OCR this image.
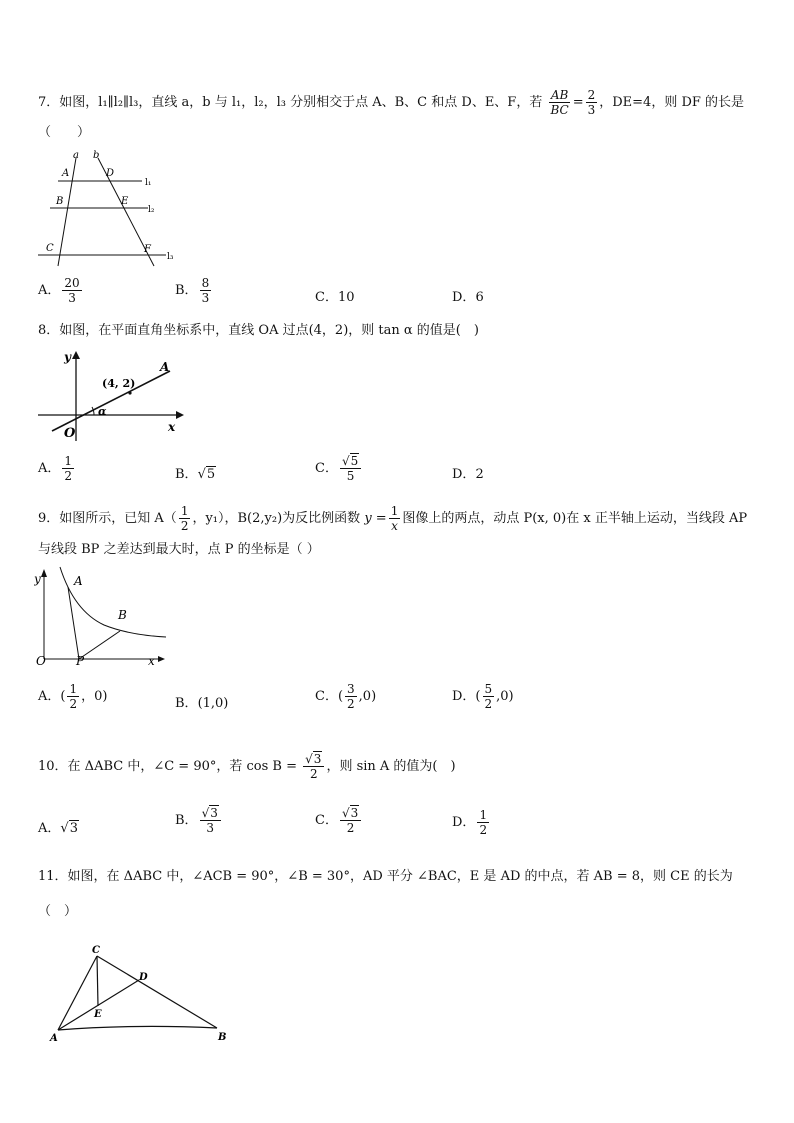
7．如图，l₁∥l₂∥l₃，直线 a，b 与 l₁，l₂，l₃ 分别相交于点 A、B、C 和点 D、E、F，若 $\frac{AB}{BC} = \frac{2}{3}$ ，DE=4，则 DF 的长是
（　　）
a b
A	D
B	E
C	F
l₁
l₂
l₃
A． $\frac{20}{3}$	B． $\frac{8}{3}$	C．10	D．6
8．如图，在平面直角坐标系中，直线 OA 过点(4，2)，则 tan α 的值是(　)
y
x
O
A
(4, 2)
α
A． $\frac{1}{2}$	B．√5	C． $\frac{√5}{5}$	D．2
9．如图所示，已知 $A( \frac{1}{2}$ ，y₁），B(2,y₂)为反比例函数 $y = \frac{1}{x}$ 图像上的两点，动点 P(x, 0)在 x 正半轴上运动，当线段 AP
与线段 BP 之差达到最大时，点 P 的坐标是（ ）
y
x
O
A
B
P
A．( $\frac{1}{2}$ ，0)	B．(1,0)	C．( $\frac{3}{2} ,0$)	D．( $\frac{5}{2} ,0$)
10．在 ΔABC 中，∠C = 90°，若 $\cos B = \frac{√3}{2}$ ，则 sin A 的值为(　)
A．√3
B． $\frac{√3}{3}$	C． $\frac{√3}{2}$	D． $\frac{1}{2}$
11．如图，在 ΔABC 中，∠ACB = 90°，∠B = 30°，AD 平分 ∠BAC，E 是 AD 的中点，若 AB = 8，则 CE 的长为
（　）
C
D
E
A	B
